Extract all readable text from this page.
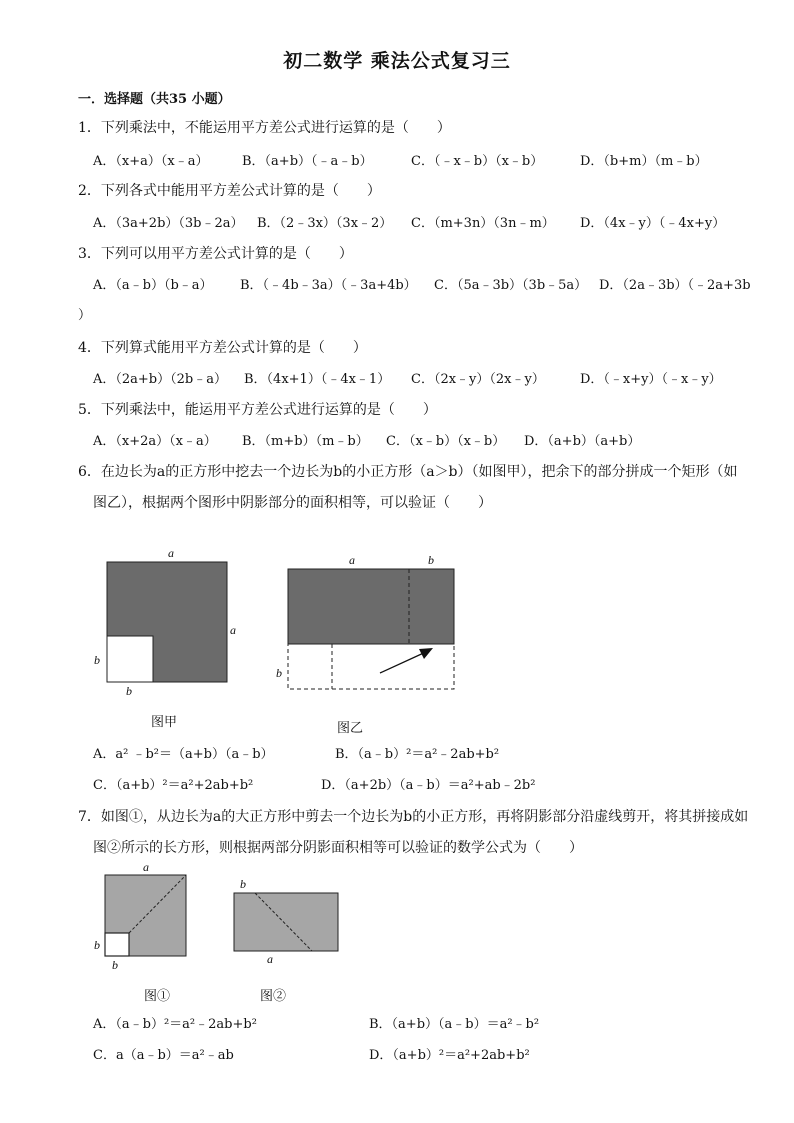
初二数学 乘法公式复习三
一．选择题（共35 小题）
1．下列乘法中，不能运用平方差公式进行运算的是（　　）
A．（x+a）（x﹣a）	B．（a+b）（﹣a﹣b）	C．（﹣x﹣b）（x﹣b）	D．（b+m）（m﹣b）
2．下列各式中能用平方差公式计算的是（　　）
A．（3a+2b）（3b﹣2a） B．（2﹣3x）（3x﹣2） C．（m+3n）（3n﹣m） D．（4x﹣y）（﹣4x+y）
3．下列可以用平方差公式计算的是（　　）
A．（a﹣b）（b﹣a） B．（﹣4b﹣3a）（﹣3a+4b） C．（5a﹣3b）（3b﹣5a） D．（2a﹣3b）（﹣2a+3b
）
4．下列算式能用平方差公式计算的是（　　）
A．（2a+b）（2b﹣a） B．（4x+1）（﹣4x﹣1） C．（2x﹣y）（2x﹣y）	D．（﹣x+y）（﹣x﹣y）
5．下列乘法中，能运用平方差公式进行运算的是（　　）
A．（x+2a）（x﹣a） B．（m+b）（m﹣b） C．（x﹣b）（x﹣b） D．（a+b）（a+b）
6．在边长为a的正方形中挖去一个边长为b的小正方形（a＞b）（如图甲），把余下的部分拼成一个矩形（如
图乙），根据两个图形中阴影部分的面积相等，可以验证（　　）
a
a
b
b
a	b
b
图甲	图乙
A．a² ﹣b²＝（a+b）（a﹣b）	B．（a﹣b）²＝a²﹣2ab+b²
C．（a+b）²＝a²+2ab+b²	D．（a+2b）（a﹣b）＝a²+ab﹣2b²
7．如图①，从边长为a的大正方形中剪去一个边长为b的小正方形，再将阴影部分沿虚线剪开，将其拼接成如
图②所示的长方形，则根据两部分阴影面积相等可以验证的数学公式为（　　）
a
b
b
b
a
图①	图②
A．（a﹣b）²＝a²﹣2ab+b²	B．（a+b）（a﹣b）＝a²﹣b²
C．a（a﹣b）＝a²﹣ab	D．（a+b）²＝a²+2ab+b²
